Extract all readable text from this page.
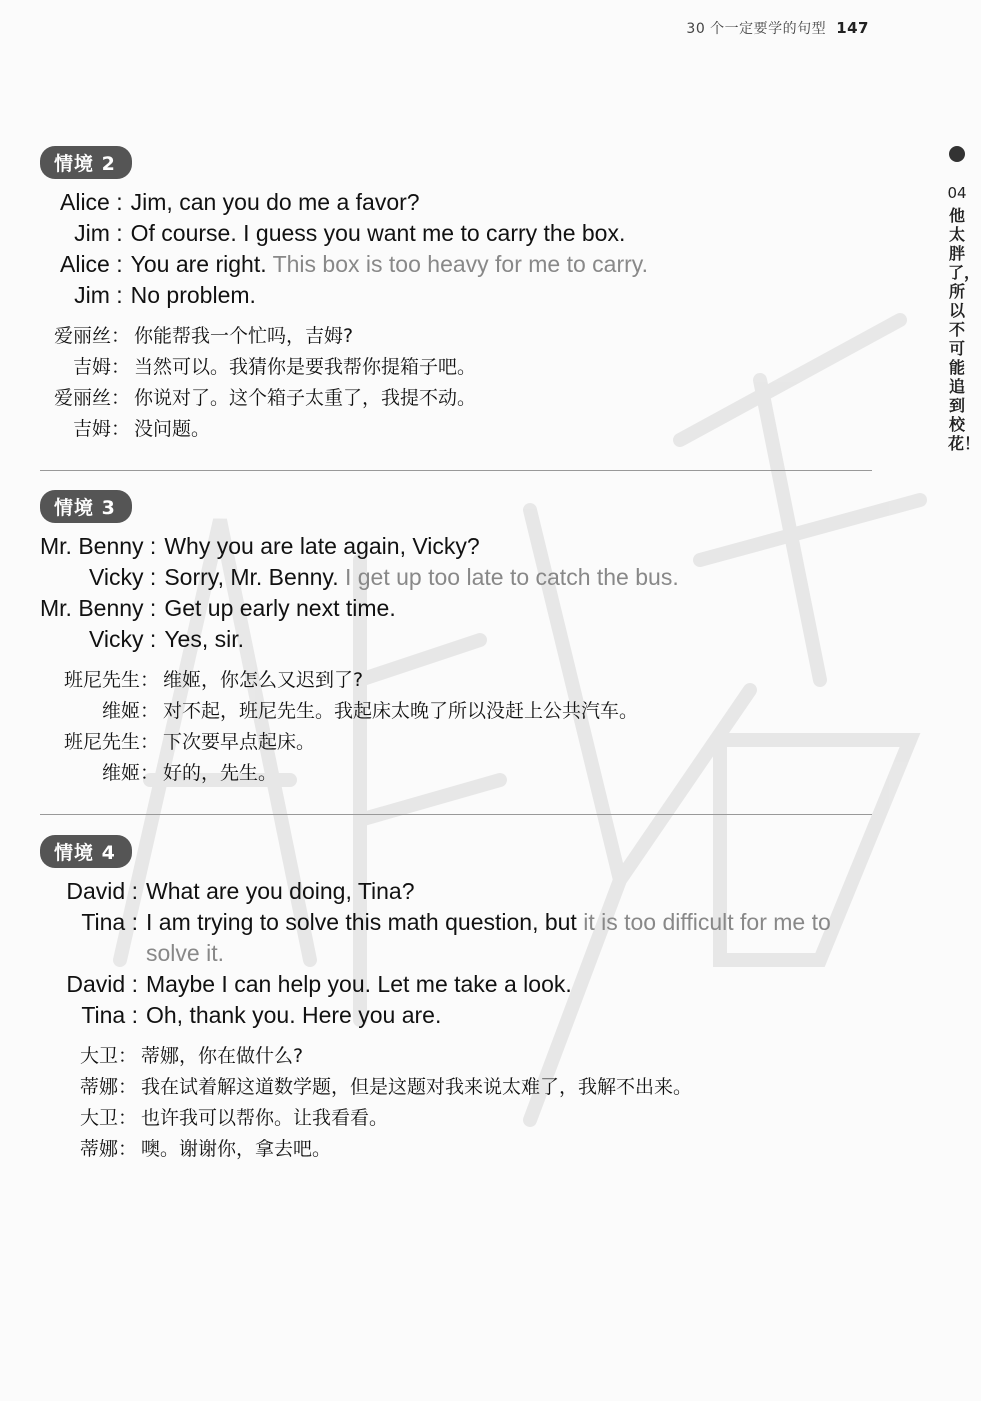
30 个一定要学的句型 147
04
他太胖了，所以不可能追到校花！
情境 2
Alice :	Jim, can you do me a favor?
Jim :	Of course. I guess you want me to carry the box.
Alice :	You are right. This box is too heavy for me to carry.
Jim :	No problem.
爱丽丝：	你能帮我一个忙吗，吉姆?
吉姆：	当然可以。我猜你是要我帮你提箱子吧。
爱丽丝：	你说对了。这个箱子太重了，我提不动。
吉姆：	没问题。
情境 3
Mr. Benny :	Why you are late again, Vicky?
Vicky :	Sorry, Mr. Benny. I get up too late to catch the bus.
Mr. Benny :	Get up early next time.
Vicky :	Yes, sir.
班尼先生：	维姬，你怎么又迟到了?
维姬：	对不起，班尼先生。我起床太晚了所以没赶上公共汽车。
班尼先生：	下次要早点起床。
维姬：	好的，先生。
情境 4
David :	What are you doing, Tina?
Tina :	I am trying to solve this math question, but it is too difficult for me to solve it.
David :	Maybe I can help you. Let me take a look.
Tina :	Oh, thank you. Here you are.
大卫：	蒂娜，你在做什么?
蒂娜：	我在试着解这道数学题，但是这题对我来说太难了，我解不出来。
大卫：	也许我可以帮你。让我看看。
蒂娜：	噢。谢谢你，拿去吧。
